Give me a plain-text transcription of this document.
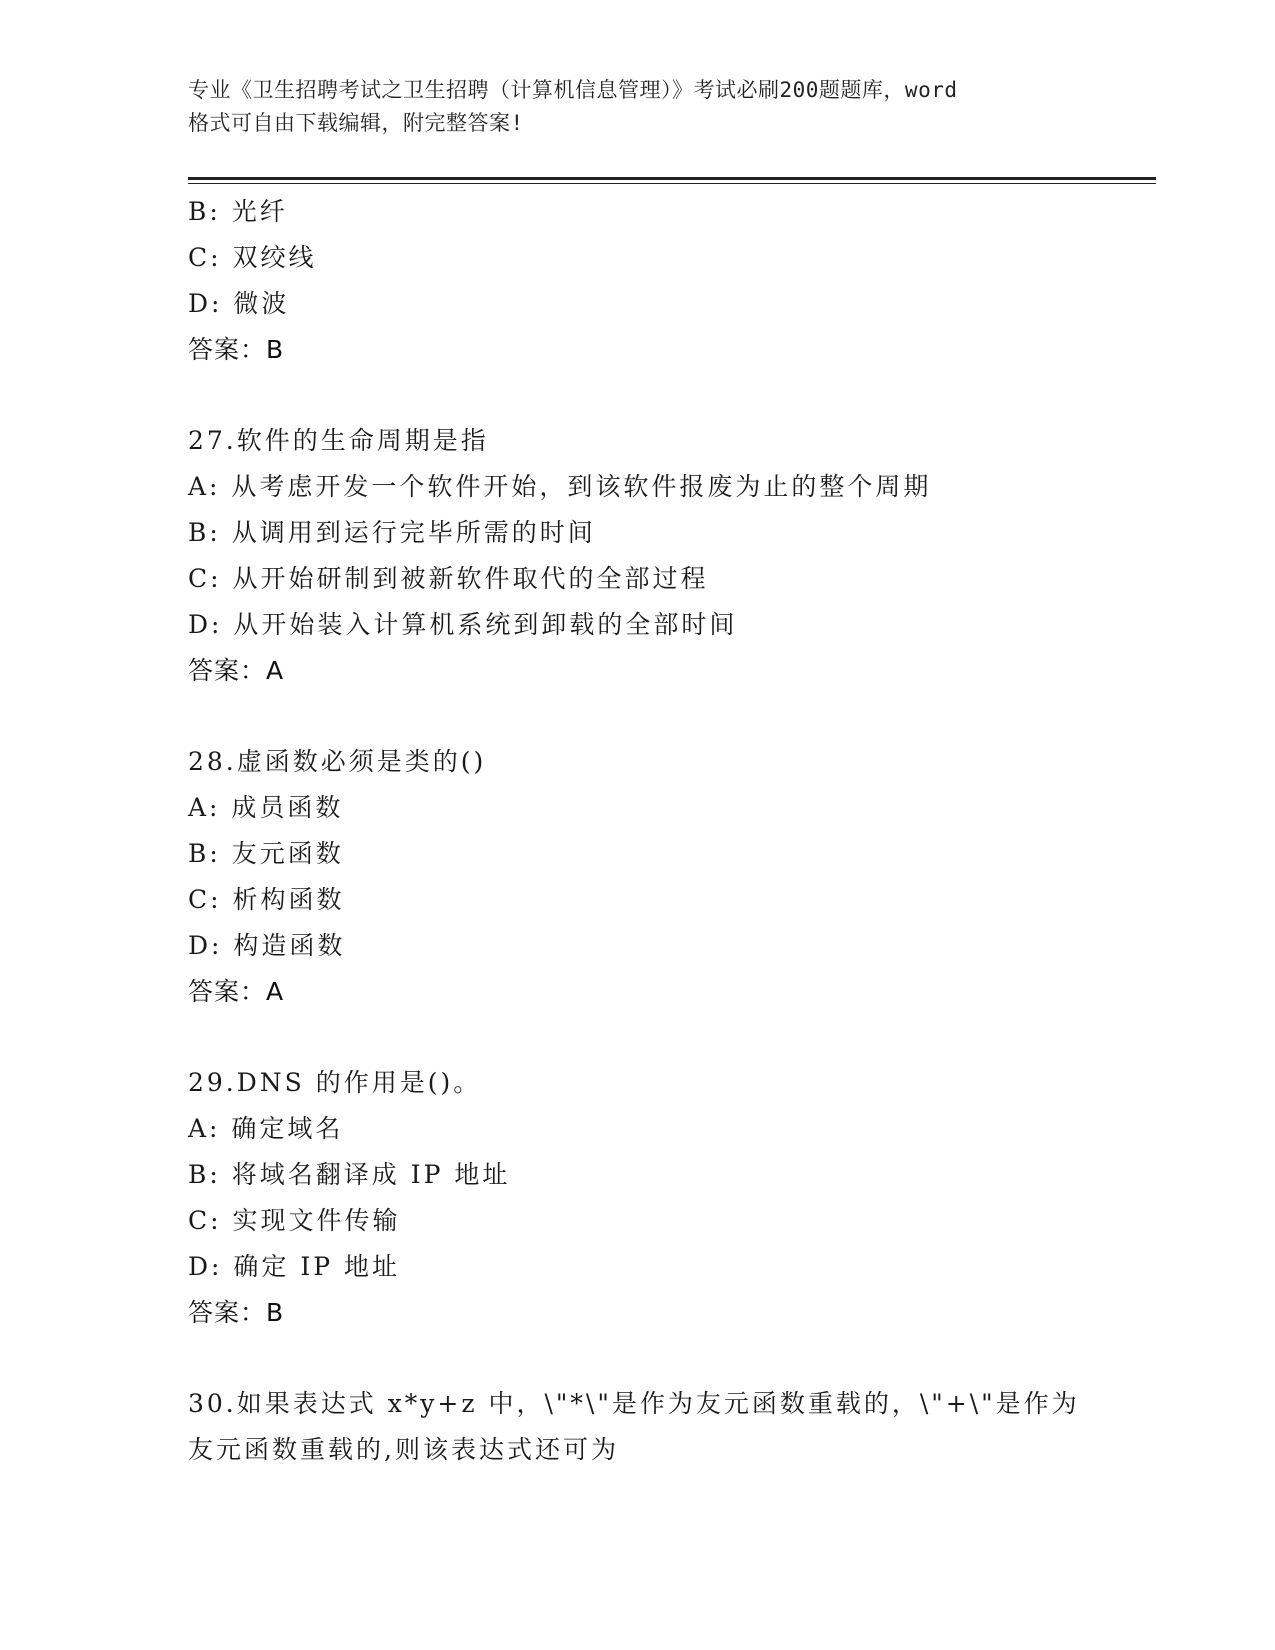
专业《卫生招聘考试之卫生招聘（计算机信息管理）》考试必刷200题题库，word
格式可自由下载编辑，附完整答案!
B: 光纤
C: 双绞线
D: 微波
答案：B
27.软件的生命周期是指
A: 从考虑开发一个软件开始，到该软件报废为止的整个周期
B: 从调用到运行完毕所需的时间
C: 从开始研制到被新软件取代的全部过程
D: 从开始装入计算机系统到卸载的全部时间
答案：A
28.虚函数必须是类的()
A: 成员函数
B: 友元函数
C: 析构函数
D: 构造函数
答案：A
29.DNS 的作用是()。
A: 确定域名
B: 将域名翻译成 IP 地址
C: 实现文件传输
D: 确定 IP 地址
答案：B
30.如果表达式 x*y+z 中，\"*\"是作为友元函数重载的，\"+\"是作为
友元函数重载的,则该表达式还可为
